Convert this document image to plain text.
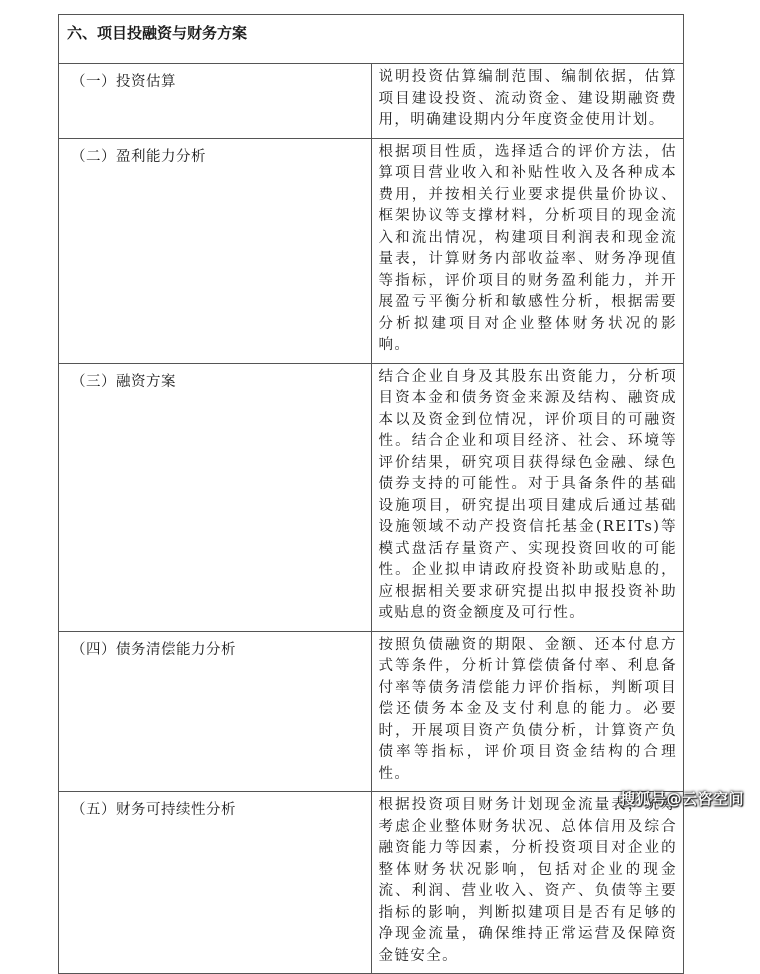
六、项目投融资与财务方案	
（一）投资估算	说明投资估算编制范围、编制依据，估算项目建设投资、流动资金、建设期融资费用，明确建设期内分年度资金使用计划。
（二）盈利能力分析	根据项目性质，选择适合的评价方法，估算项目营业收入和补贴性收入及各种成本费用，并按相关行业要求提供量价协议、框架协议等支撑材料，分析项目的现金流入和流出情况，构建项目利润表和现金流量表，计算财务内部收益率、财务净现值等指标，评价项目的财务盈利能力，并开展盈亏平衡分析和敏感性分析，根据需要分析拟建项目对企业整体财务状况的影响。
（三）融资方案	结合企业自身及其股东出资能力，分析项目资本金和债务资金来源及结构、融资成本以及资金到位情况，评价项目的可融资性。结合企业和项目经济、社会、环境等评价结果，研究项目获得绿色金融、绿色债券支持的可能性。对于具备条件的基础设施项目，研究提出项目建成后通过基础设施领域不动产投资信托基金(REITs)等模式盘活存量资产、实现投资回收的可能性。企业拟申请政府投资补助或贴息的，应根据相关要求研究提出拟申报投资补助或贴息的资金额度及可行性。
（四）债务清偿能力分析	按照负债融资的期限、金额、还本付息方式等条件，分析计算偿债备付率、利息备付率等债务清偿能力评价指标，判断项目偿还债务本金及支付利息的能力。必要时，开展项目资产负债分析，计算资产负债率等指标，评价项目资金结构的合理性。
（五）财务可持续性分析	根据投资项目财务计划现金流量表，统筹考虑企业整体财务状况、总体信用及综合融资能力等因素，分析投资项目对企业的整体财务状况影响，包括对企业的现金流、利润、营业收入、资产、负债等主要指标的影响，判断拟建项目是否有足够的净现金流量，确保维持正常运营及保障资金链安全。
搜狐号@云咨空间
